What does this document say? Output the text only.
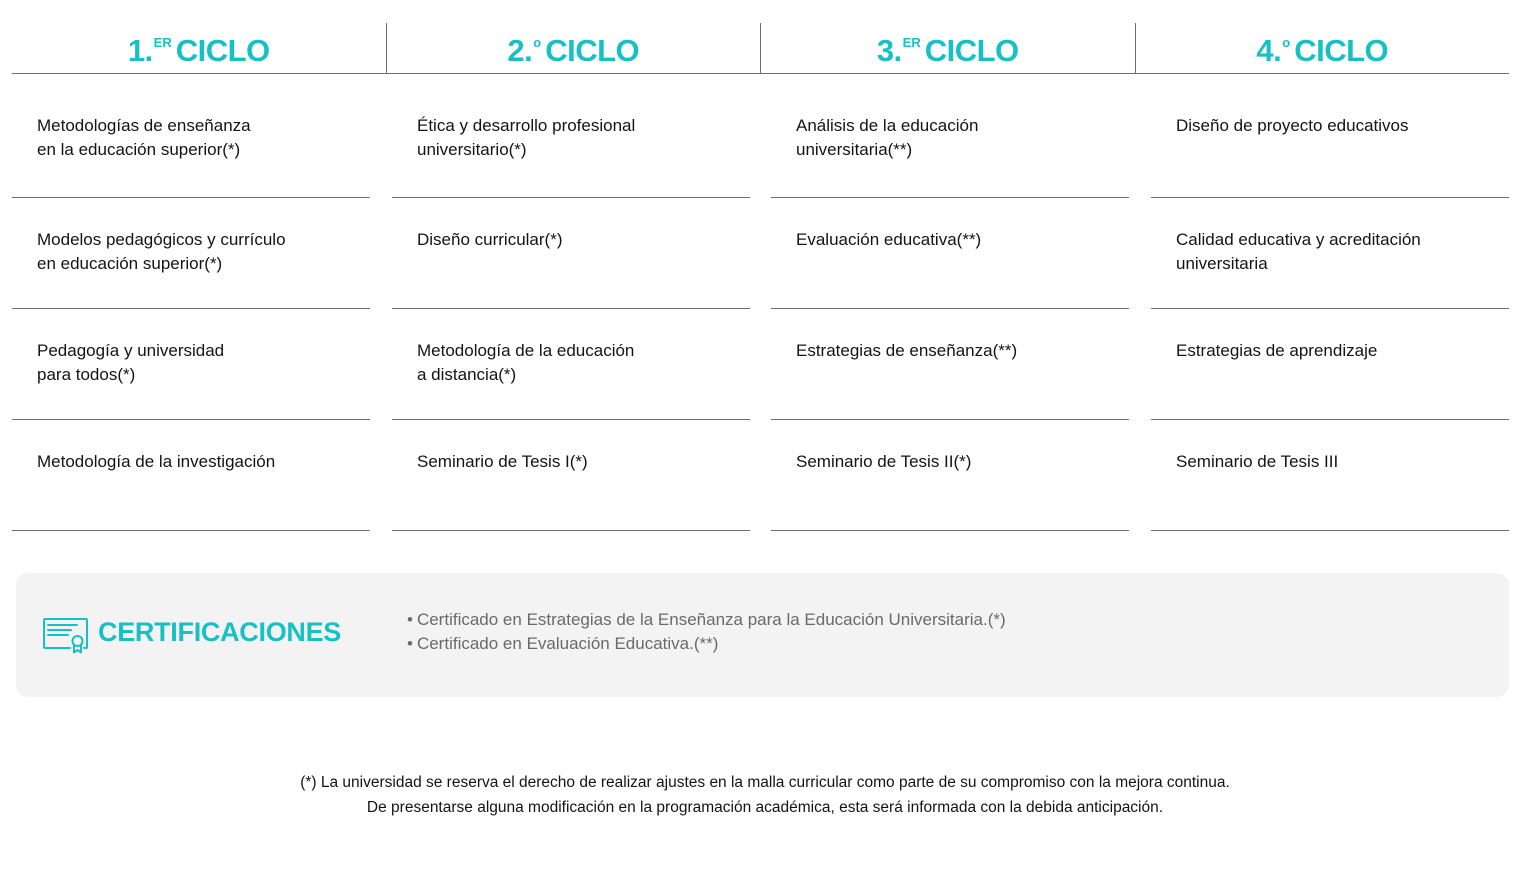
1.$^{ER}$ CICLO	2.$^o$ CICLO	3.$^{ER}$ CICLO	4.$^o$ CICLO
Metodologías de enseñanza
en la educación superior(*)
Modelos pedagógicos y currículo
en educación superior(*)
Pedagogía y universidad
para todos(*)
Metodología de la investigación
Ética y desarrollo profesional
universitario(*)
Diseño curricular(*)
Metodología de la educación
a distancia(*)
Seminario de Tesis I(*)
Análisis de la educación
universitaria(**)
Evaluación educativa(**)
Estrategias de enseñanza(**)
Seminario de Tesis II(*)
Diseño de proyecto educativos
Calidad educativa y acreditación
universitaria
Estrategias de aprendizaje
Seminario de Tesis III
CERTIFICACIONES
•	Certificado en Estrategias de la Enseñanza para la Educación Universitaria.(*)
• Certificado en Evaluación Educativa.(**)

(*) La universidad se reserva el derecho de realizar ajustes en la malla curricular como parte de su compromiso con la mejora continua.

De presentarse alguna modificación en la programación académica, esta será informada con la debida anticipación.
